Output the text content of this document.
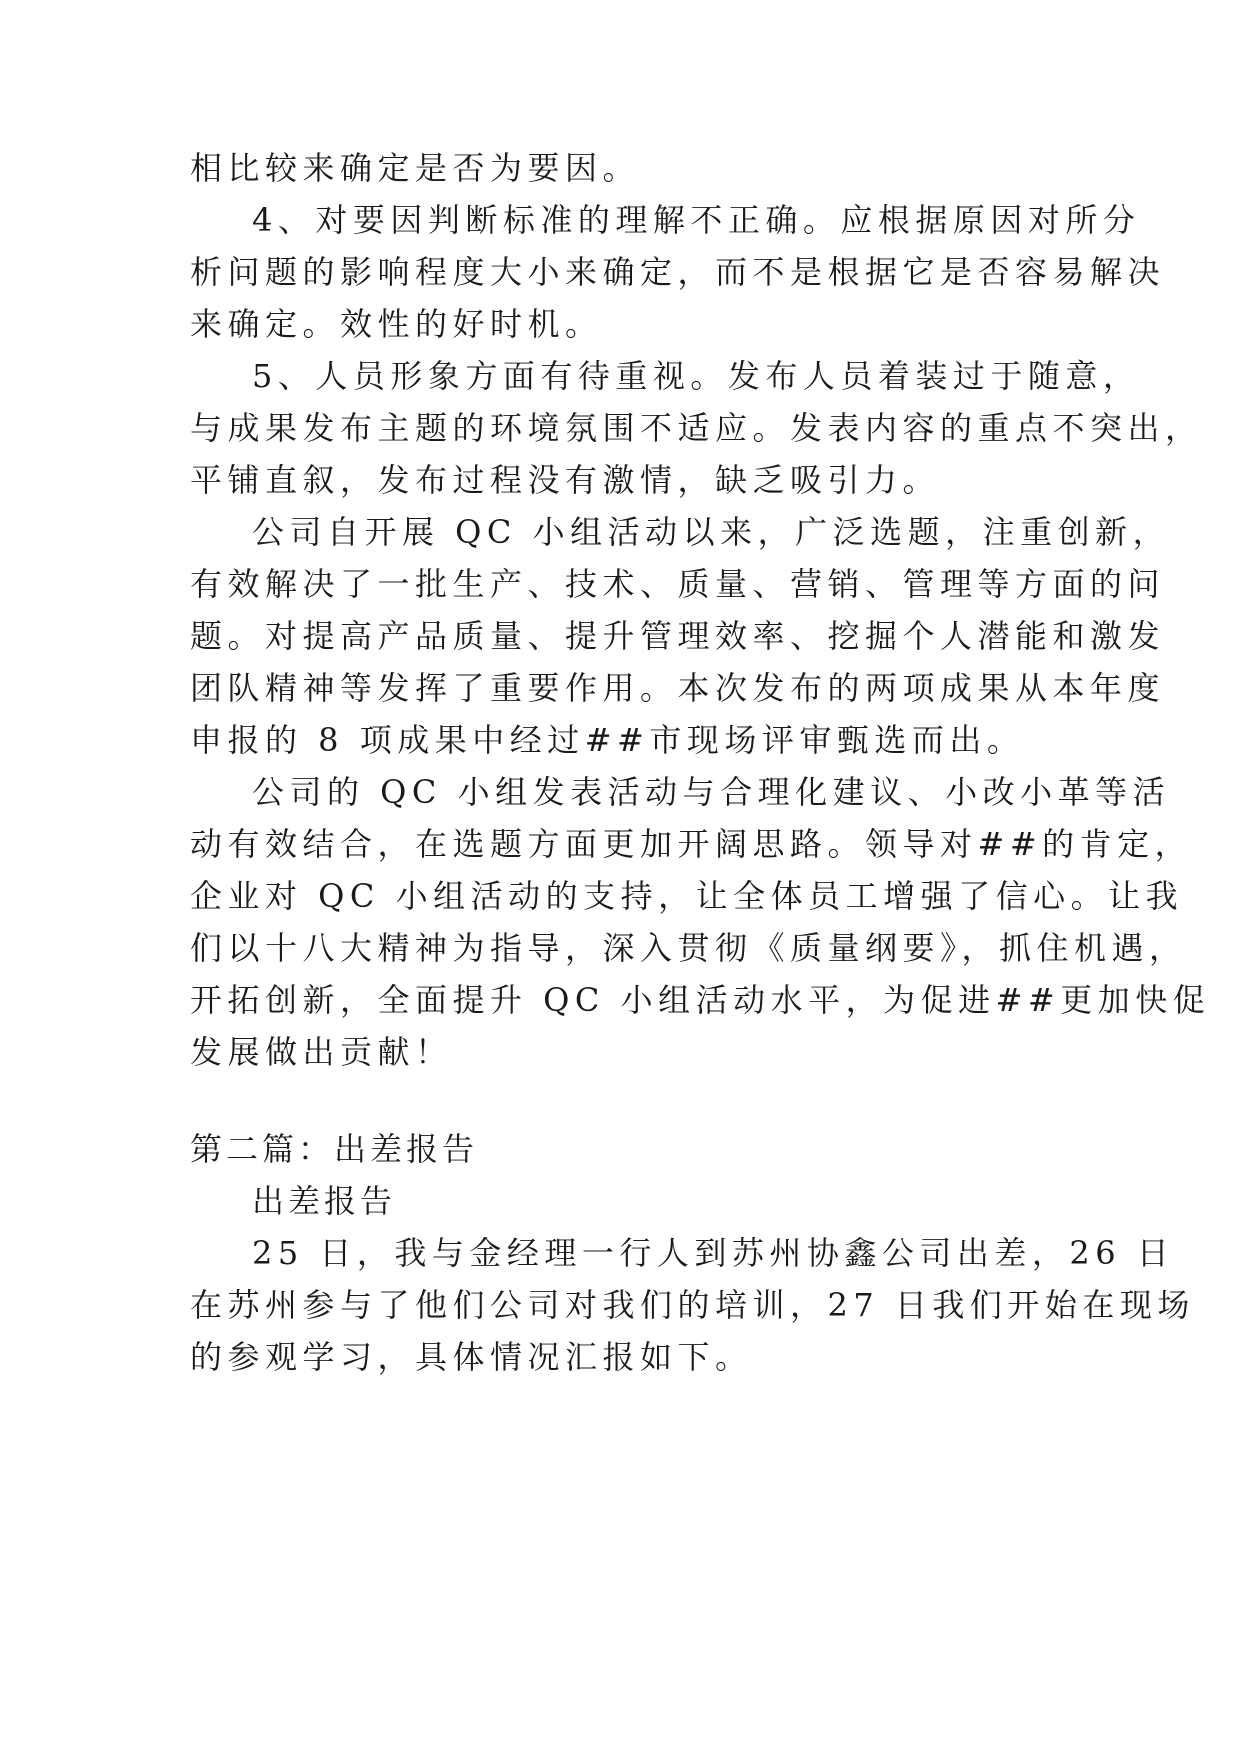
相比较来确定是否为要因。
4、对要因判断标准的理解不正确。应根据原因对所分
析问题的影响程度大小来确定，而不是根据它是否容易解决
来确定。效性的好时机。
5、人员形象方面有待重视。发布人员着装过于随意，
与成果发布主题的环境氛围不适应。发表内容的重点不突出，
平铺直叙，发布过程没有激情，缺乏吸引力。
公司自开展 QC 小组活动以来，广泛选题，注重创新，
有效解决了一批生产、技术、质量、营销、管理等方面的问
题。对提高产品质量、提升管理效率、挖掘个人潜能和激发
团队精神等发挥了重要作用。本次发布的两项成果从本年度
申报的 8 项成果中经过##市现场评审甄选而出。
公司的 QC 小组发表活动与合理化建议、小改小革等活
动有效结合，在选题方面更加开阔思路。领导对##的肯定，
企业对 QC 小组活动的支持，让全体员工增强了信心。让我
们以十八大精神为指导，深入贯彻《质量纲要》，抓住机遇，
开拓创新，全面提升 QC 小组活动水平，为促进##更加快促
发展做出贡献！
第二篇：出差报告
出差报告
25 日，我与金经理一行人到苏州协鑫公司出差，26 日
在苏州参与了他们公司对我们的培训，27 日我们开始在现场
的参观学习，具体情况汇报如下。
